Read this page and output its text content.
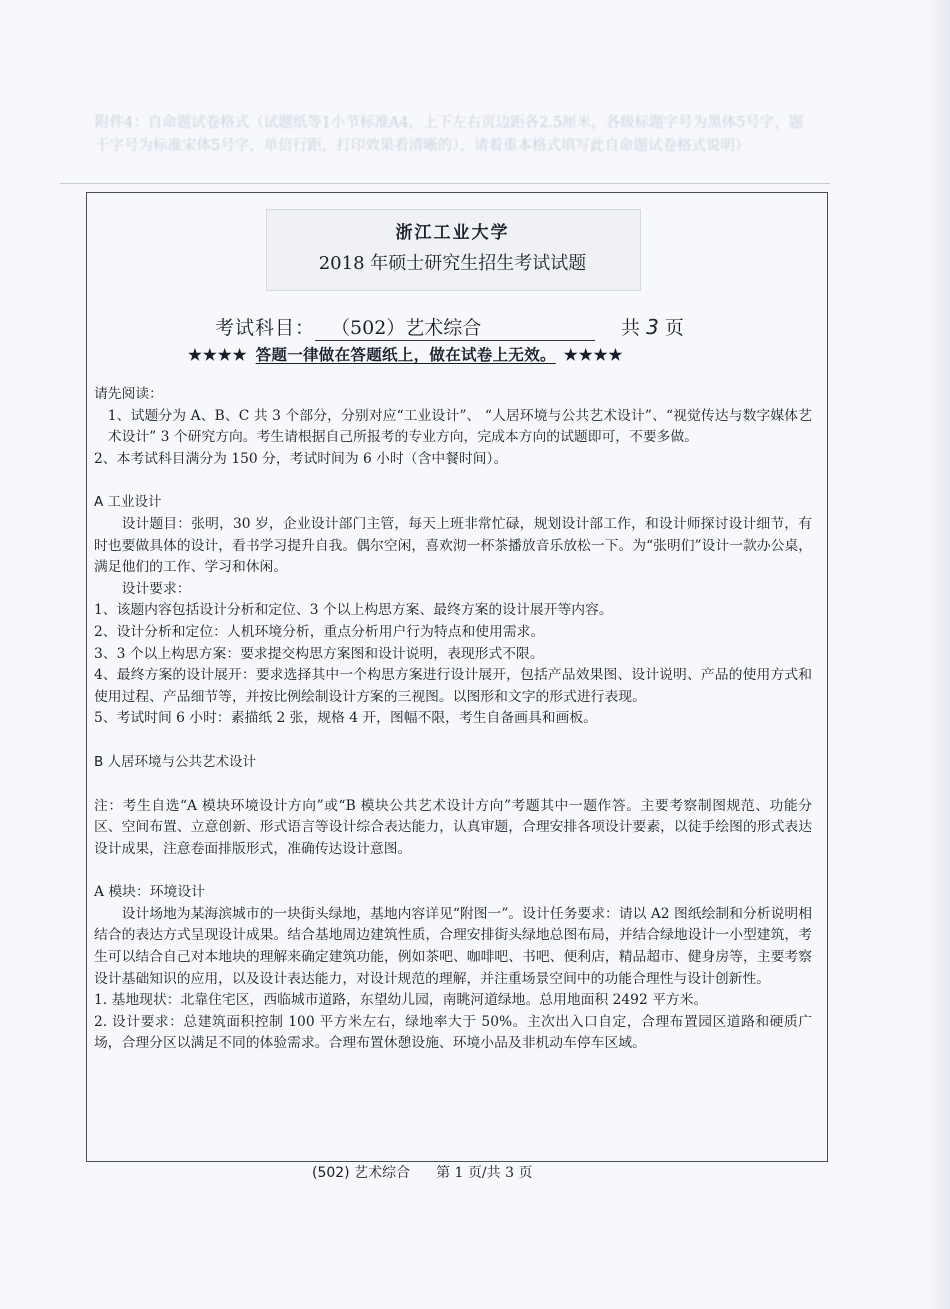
附件4：自命题试卷格式（试题纸等1小节标准A4，上下左右页边距各2.5厘米，各级标题字号为黑体5号字，题干字号为标准宋体5号字，单倍行距，打印效果看清晰的），请着重本格式填写此自命题试卷格式说明）
浙江工业大学
2018 年硕士研究生招生考试试题
考试科目： （502）艺术综合	共 3 页
★★★★ 答题一律做在答题纸上，做在试卷上无效。 ★★★★

请先阅读：

1、试题分为 A、B、C 共 3 个部分，分别对应“工业设计”、 “人居环境与公共艺术设计”、“视觉传达与数字媒体艺术设计” 3 个研究方向。考生请根据自己所报考的专业方向，完成本方向的试题即可，不要多做。

2、本考试科目满分为 150 分，考试时间为 6 小时（含中餐时间）。

A 工业设计

设计题目：张明，30 岁，企业设计部门主管，每天上班非常忙碌，规划设计部工作，和设计师探讨设计细节，有时也要做具体的设计，看书学习提升自我。偶尔空闲，喜欢沏一杯茶播放音乐放松一下。为“张明们”设计一款办公桌，满足他们的工作、学习和休闲。

设计要求：

1、该题内容包括设计分析和定位、3 个以上构思方案、最终方案的设计展开等内容。

2、设计分析和定位：人机环境分析，重点分析用户行为特点和使用需求。

3、3 个以上构思方案：要求提交构思方案图和设计说明，表现形式不限。

4、最终方案的设计展开：要求选择其中一个构思方案进行设计展开，包括产品效果图、设计说明、产品的使用方式和使用过程、产品细节等，并按比例绘制设计方案的三视图。以图形和文字的形式进行表现。

5、考试时间 6 小时：素描纸 2 张，规格 4 开，图幅不限，考生自备画具和画板。

B 人居环境与公共艺术设计

注：考生自选“A 模块环境设计方向”或“B 模块公共艺术设计方向”考题其中一题作答。主要考察制图规范、功能分区、空间布置、立意创新、形式语言等设计综合表达能力，认真审题，合理安排各项设计要素，以徒手绘图的形式表达设计成果，注意卷面排版形式，准确传达设计意图。

A 模块：环境设计

设计场地为某海滨城市的一块街头绿地，基地内容详见“附图一”。设计任务要求：请以 A2 图纸绘制和分析说明相结合的表达方式呈现设计成果。结合基地周边建筑性质，合理安排街头绿地总图布局，并结合绿地设计一小型建筑，考生可以结合自己对本地块的理解来确定建筑功能，例如茶吧、咖啡吧、书吧、便利店，精品超市、健身房等，主要考察设计基础知识的应用，以及设计表达能力，对设计规范的理解，并注重场景空间中的功能合理性与设计创新性。

1. 基地现状：北靠住宅区，西临城市道路，东望幼儿园，南眺河道绿地。总用地面积 2492 平方米。

2. 设计要求：总建筑面积控制 100 平方米左右，绿地率大于 50%。主次出入口自定，合理布置园区道路和硬质广场，合理分区以满足不同的体验需求。合理布置休憩设施、环境小品及非机动车停车区域。

(502) 艺术综合 第 1 页/共 3 页
